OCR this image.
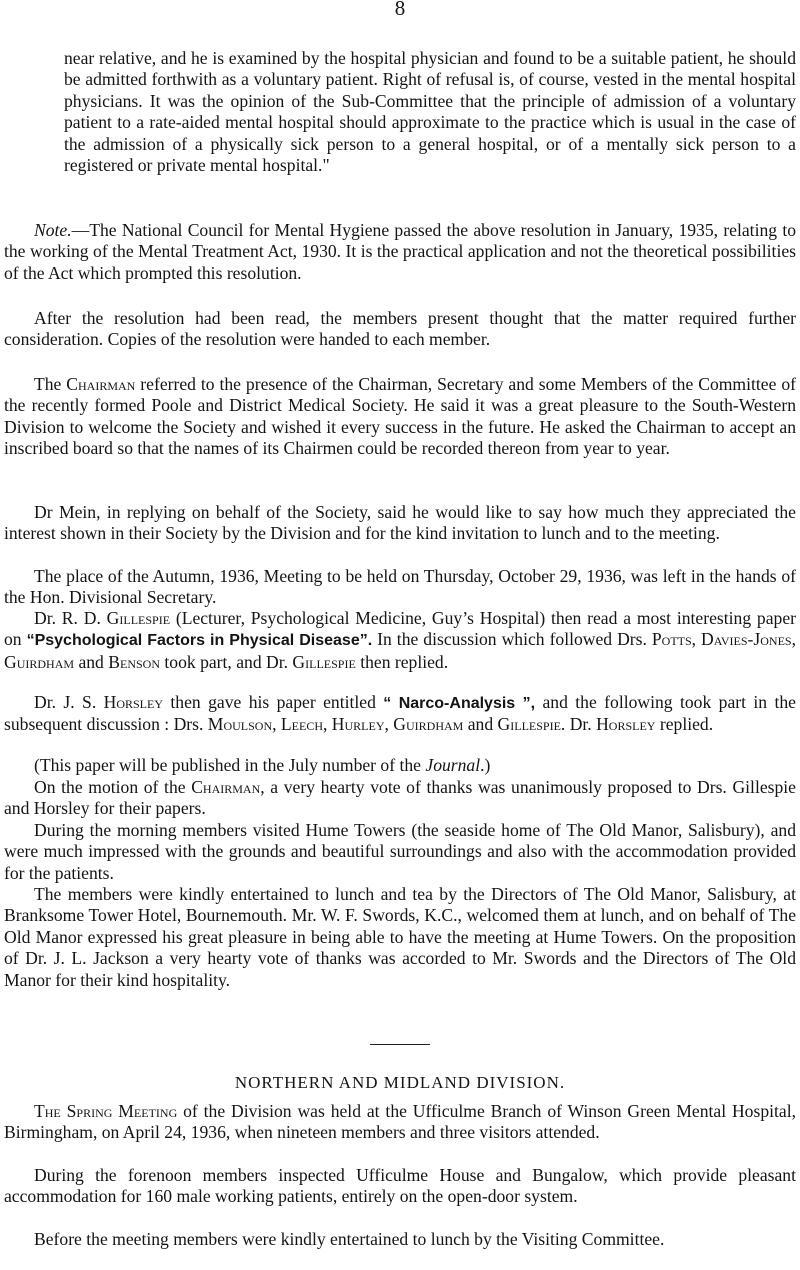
8

near relative, and he is examined by the hospital physician and found to be a suitable patient, he should be admitted forthwith as a voluntary patient. Right of refusal is, of course, vested in the mental hospital physicians. It was the opinion of the Sub-Committee that the principle of admission of a voluntary patient to a rate-aided mental hospital should approximate to the practice which is usual in the case of the admission of a physically sick person to a general hospital, or of a mentally sick person to a registered or private mental hospital."

Note.—The National Council for Mental Hygiene passed the above resolution in January, 1935, relating to the working of the Mental Treatment Act, 1930. It is the practical application and not the theoretical possibilities of the Act which prompted this resolution.

After the resolution had been read, the members present thought that the matter required further consideration. Copies of the resolution were handed to each member.

The Chairman referred to the presence of the Chairman, Secretary and some Members of the Committee of the recently formed Poole and District Medical Society. He said it was a great pleasure to the South-Western Division to welcome the Society and wished it every success in the future. He asked the Chairman to accept an inscribed board so that the names of its Chairmen could be recorded thereon from year to year.

Dr Mein, in replying on behalf of the Society, said he would like to say how much they appreciated the interest shown in their Society by the Division and for the kind invitation to lunch and to the meeting.

The place of the Autumn, 1936, Meeting to be held on Thursday, October 29, 1936, was left in the hands of the Hon. Divisional Secretary.

Dr. R. D. Gillespie (Lecturer, Psychological Medicine, Guy’s Hospital) then read a most interesting paper on “Psychological Factors in Physical Disease”. In the discussion which followed Drs. Potts, Davies-Jones, Guirdham and Benson took part, and Dr. Gillespie then replied.

Dr. J. S. Horsley then gave his paper entitled “ Narco-Analysis ”, and the following took part in the subsequent discussion : Drs. Moulson, Leech, Hurley, Guirdham and Gillespie. Dr. Horsley replied.

(This paper will be published in the July number of the Journal.)

On the motion of the Chairman, a very hearty vote of thanks was unanimously proposed to Drs. Gillespie and Horsley for their papers.

During the morning members visited Hume Towers (the seaside home of The Old Manor, Salisbury), and were much impressed with the grounds and beautiful surroundings and also with the accommodation provided for the patients.

The members were kindly entertained to lunch and tea by the Directors of The Old Manor, Salisbury, at Branksome Tower Hotel, Bournemouth. Mr. W. F. Swords, K.C., welcomed them at lunch, and on behalf of The Old Manor expressed his great pleasure in being able to have the meeting at Hume Towers. On the proposition of Dr. J. L. Jackson a very hearty vote of thanks was accorded to Mr. Swords and the Directors of The Old Manor for their kind hospitality.

NORTHERN AND MIDLAND DIVISION.

The Spring Meeting of the Division was held at the Ufficulme Branch of Winson Green Mental Hospital, Birmingham, on April 24, 1936, when nineteen members and three visitors attended.

During the forenoon members inspected Ufficulme House and Bungalow, which provide pleasant accommodation for 160 male working patients, entirely on the open-door system.

Before the meeting members were kindly entertained to lunch by the Visiting Committee.
